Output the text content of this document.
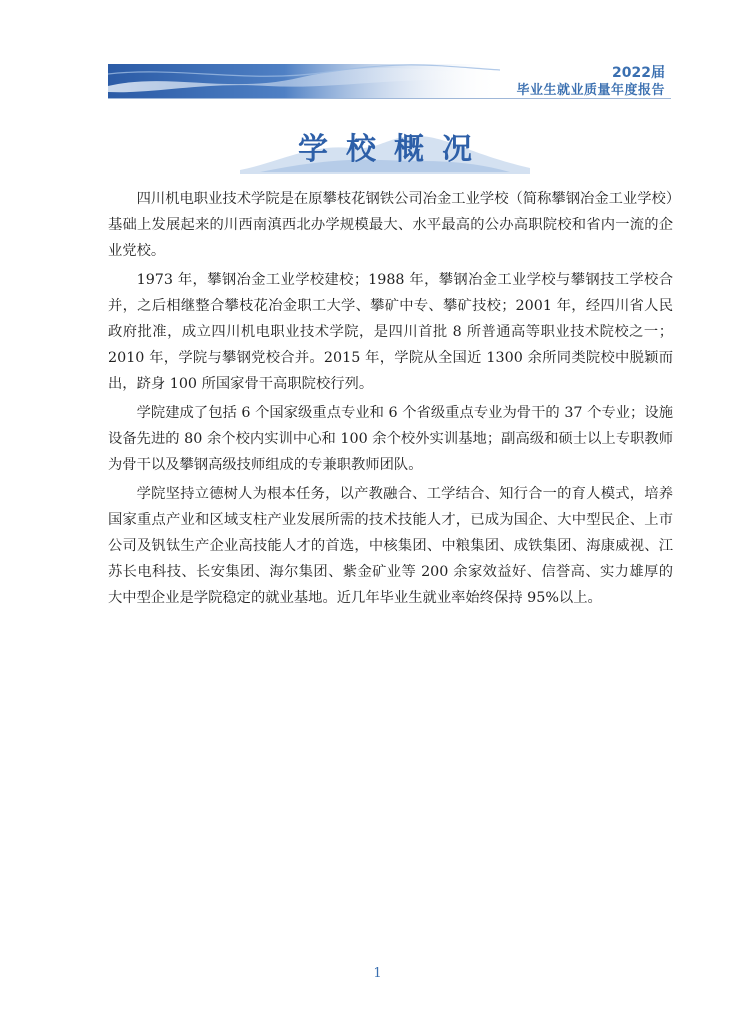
2022届
毕业生就业质量年度报告
学校概况

四川机电职业技术学院是在原攀枝花钢铁公司冶金工业学校（简称攀钢冶金工业学校）基础上发展起来的川西南滇西北办学规模最大、水平最高的公办高职院校和省内一流的企业党校。

1973 年，攀钢冶金工业学校建校；1988 年，攀钢冶金工业学校与攀钢技工学校合并，之后相继整合攀枝花冶金职工大学、攀矿中专、攀矿技校；2001 年，经四川省人民政府批准，成立四川机电职业技术学院，是四川首批 8 所普通高等职业技术院校之一；2010 年，学院与攀钢党校合并。2015 年，学院从全国近 1300 余所同类院校中脱颖而出，跻身 100 所国家骨干高职院校行列。

学院建成了包括 6 个国家级重点专业和 6 个省级重点专业为骨干的 37 个专业；设施设备先进的 80 余个校内实训中心和 100 余个校外实训基地；副高级和硕士以上专职教师为骨干以及攀钢高级技师组成的专兼职教师团队。

学院坚持立德树人为根本任务，以产教融合、工学结合、知行合一的育人模式，培养国家重点产业和区域支柱产业发展所需的技术技能人才，已成为国企、大中型民企、上市公司及钒钛生产企业高技能人才的首选，中核集团、中粮集团、成铁集团、海康威视、江苏长电科技、长安集团、海尔集团、紫金矿业等 200 余家效益好、信誉高、实力雄厚的大中型企业是学院稳定的就业基地。近几年毕业生就业率始终保持 95%以上。

1
